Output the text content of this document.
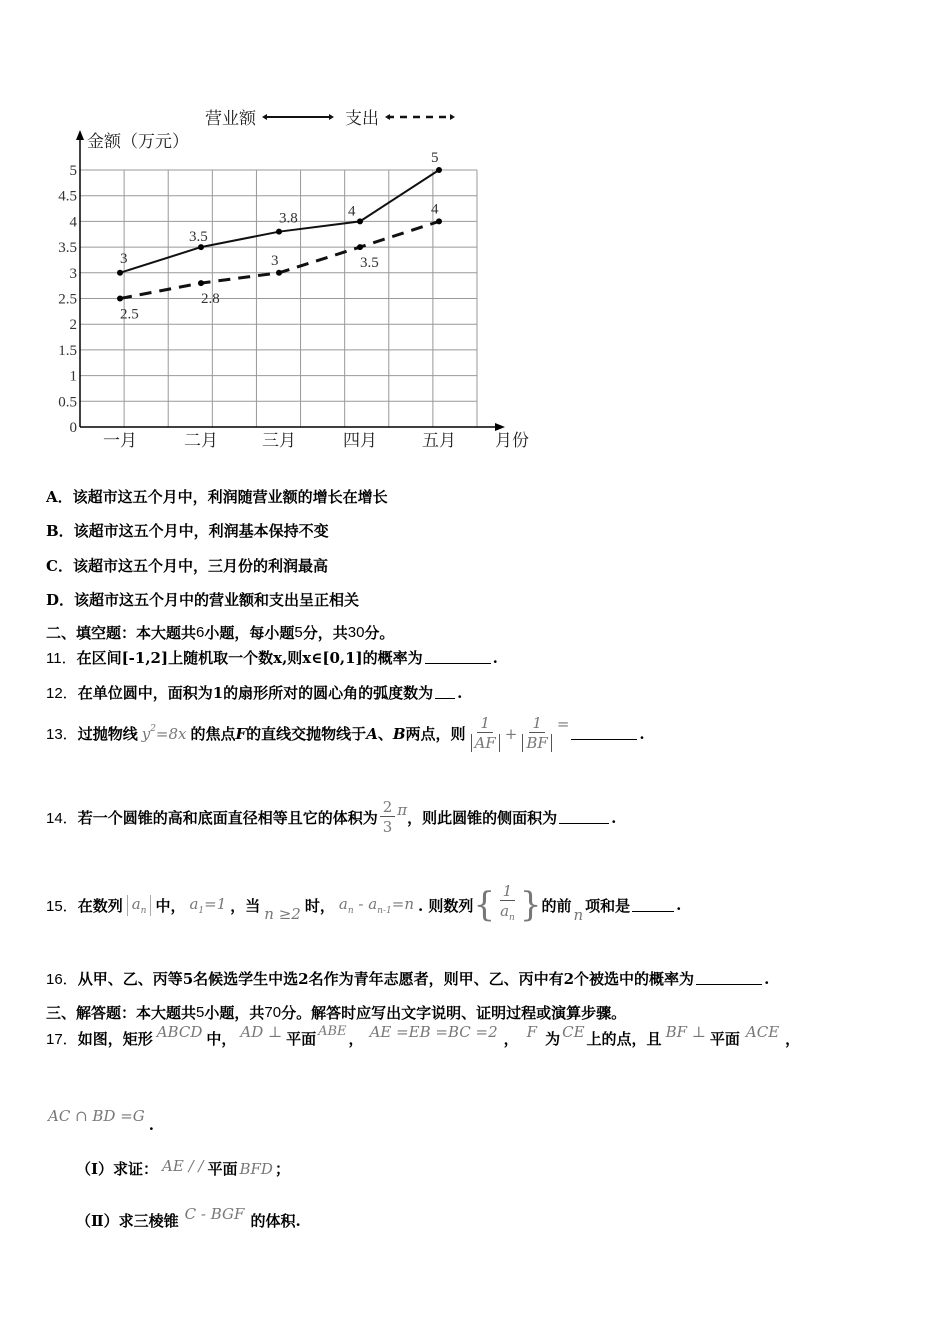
营业额	支出
金额（万元）
月份
0
0.5
1
1.5
2
2.5
3
3.5
4
4.5
5
一月	二月	三月	四月	五月
3
3.5
3.8	4
5
2.5
2.8
3	3.5
4
A．该超市这五个月中，利润随营业额的增长在增长
B．该超市这五个月中，利润基本保持不变
C．该超市这五个月中，三月份的利润最高
D．该超市这五个月中的营业额和支出呈正相关
二、填空题：本大题共 6 小题，每小题 5 分，共 30 分。
11． 在区间[-1,2]上随机取一个数 x ,则 x∈[0,1] 的概率为	.
12． 在单位圆中，面积为 1 的扇形所对的圆心角的弧度数为 .
13． 过抛物线 $y^2=8x$ 的焦点 F 的直线交抛物线于 A 、 B 两点，则 $\frac{1}{AF} + \frac{1}{BF}$ =
.
14． 若一个圆锥的高和底面直径相等且它的体积为 $\frac{2}{3}$ π ，则此圆锥的侧面积为	.
15． 在数列 $a_n$ 中， $a_1=1$ ，当 n ≥2 时， $a_n - a_{n-1}=n$ . 则数列 { $\frac{1}{a_n}$ } 的前
n
项和是	.
16． 从甲、乙、丙等 5 名候选学生中选 2 名作为青年志愿者，则甲、乙、丙中有 2 个被选中的概率为	.
三、解答题：本大题共 5 小题，共 70 分。解答时应写出文字说明、证明过程或演算步骤。
17． 如图，矩形 ABCD 中， AD ⊥ 平面 ABE ， AE =EB =BC =2 ， F 为 CE 上的点，且 BF ⊥ 平面 ACE ，
AC ∩ BD =G .
（Ⅰ）求证： AE / / 平面 BFD ；
（Ⅱ）求三棱锥 C - BGF 的体积.
